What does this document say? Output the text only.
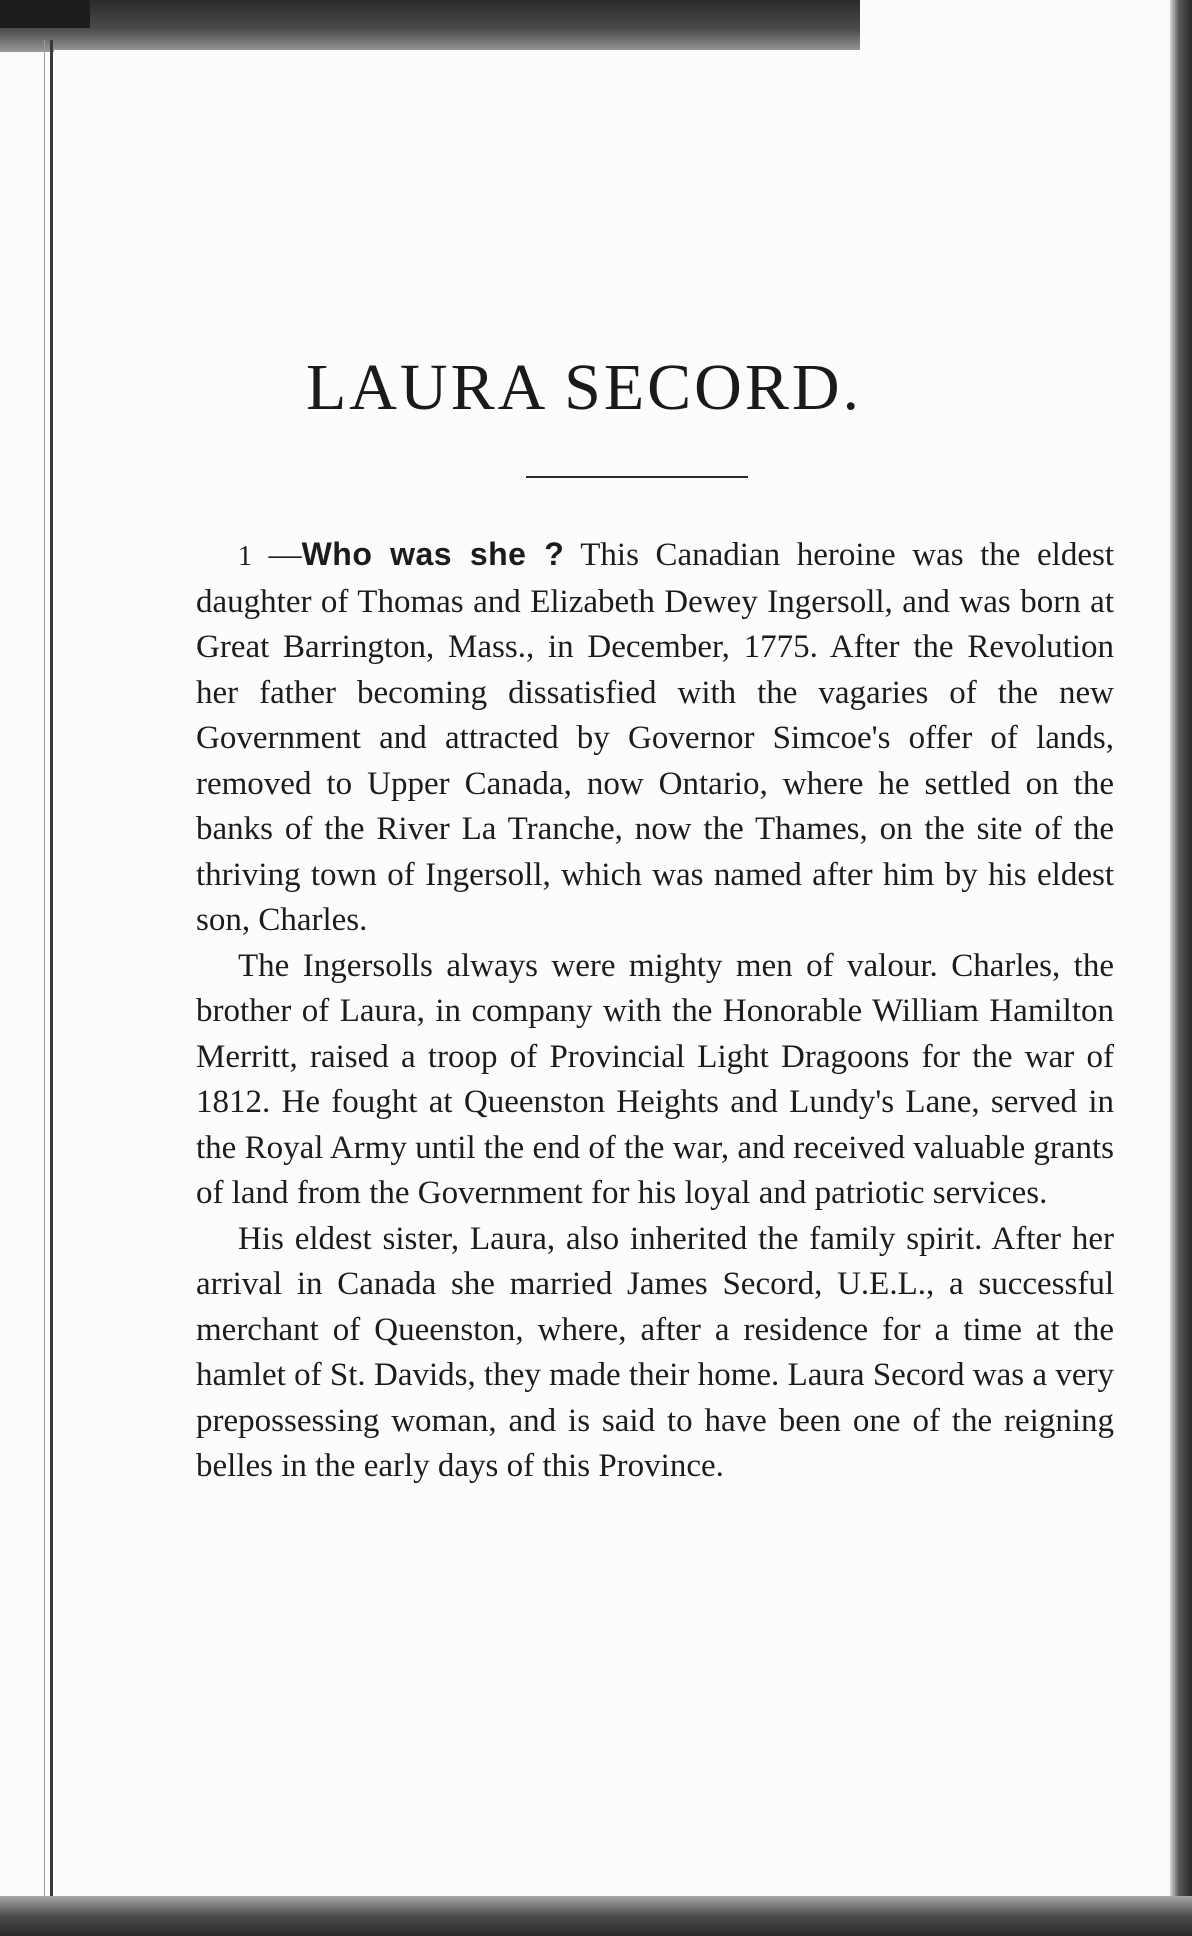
LAURA SECORD.

1 —Who was she ? This Canadian heroine was the eldest daughter of Thomas and Elizabeth Dewey Ingersoll, and was born at Great Barrington, Mass., in December, 1775. After the Revolution her father becoming dissatisfied with the vagaries of the new Government and attracted by Governor Simcoe's offer of lands, removed to Upper Canada, now Ontario, where he settled on the banks of the River La Tranche, now the Thames, on the site of the thriving town of Ingersoll, which was named after him by his eldest son, Charles.

The Ingersolls always were mighty men of valour. Charles, the brother of Laura, in company with the Honorable William Hamilton Merritt, raised a troop of Provincial Light Dragoons for the war of 1812. He fought at Queenston Heights and Lundy's Lane, served in the Royal Army until the end of the war, and received valuable grants of land from the Government for his loyal and patriotic services.

His eldest sister, Laura, also inherited the family spirit. After her arrival in Canada she married James Secord, U.E.L., a successful merchant of Queenston, where, after a residence for a time at the hamlet of St. Davids, they made their home. Laura Secord was a very prepossessing woman, and is said to have been one of the reigning belles in the early days of this Province.
